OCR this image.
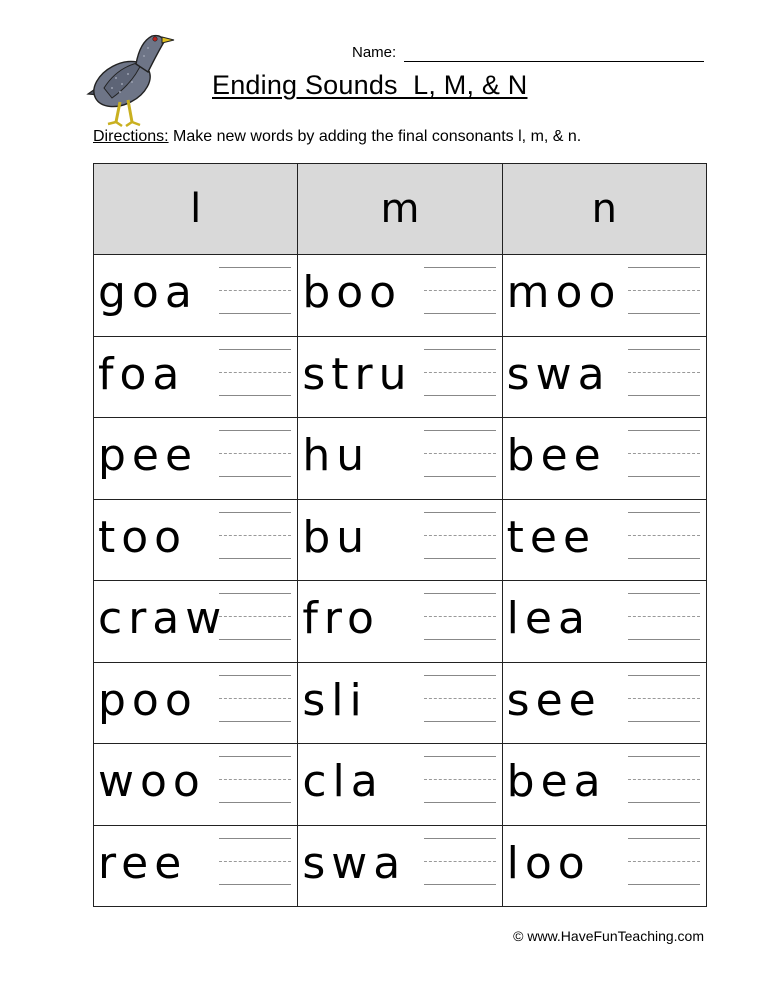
Name:
Ending Sounds  L, M, & N
Directions: Make new words by adding the final consonants l, m, & n.
l	m	n

goa	boo	moo

foa	stru	swa

pee	hu	bee

too	bu	tee

craw	fro	lea

poo	sli	see

woo	cla	bea

ree	swa	loo
© www.HaveFunTeaching.com
